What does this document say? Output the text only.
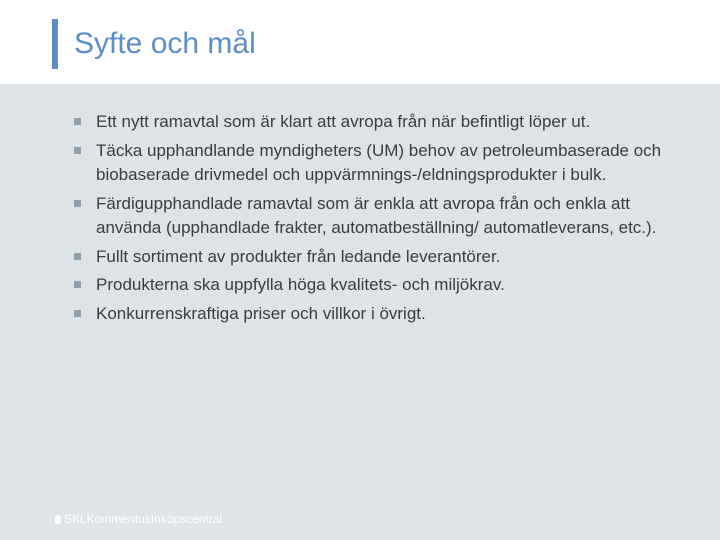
Syfte och mål
Ett nytt ramavtal som är klart att avropa från när befintligt löper ut.
Täcka upphandlande myndigheters (UM) behov av petroleumbaserade och biobaserade drivmedel och uppvärmnings-/eldningsprodukter i bulk.
Färdigupphandlade ramavtal som är enkla att avropa från och enkla att använda (upphandlade frakter, automatbeställning/ automatleverans, etc.).
Fullt sortiment av produkter från ledande leverantörer.
Produkterna ska uppfylla höga kvalitets- och miljökrav.
Konkurrenskraftiga priser och villkor i övrigt.
SKLKommentusInköpscentral
